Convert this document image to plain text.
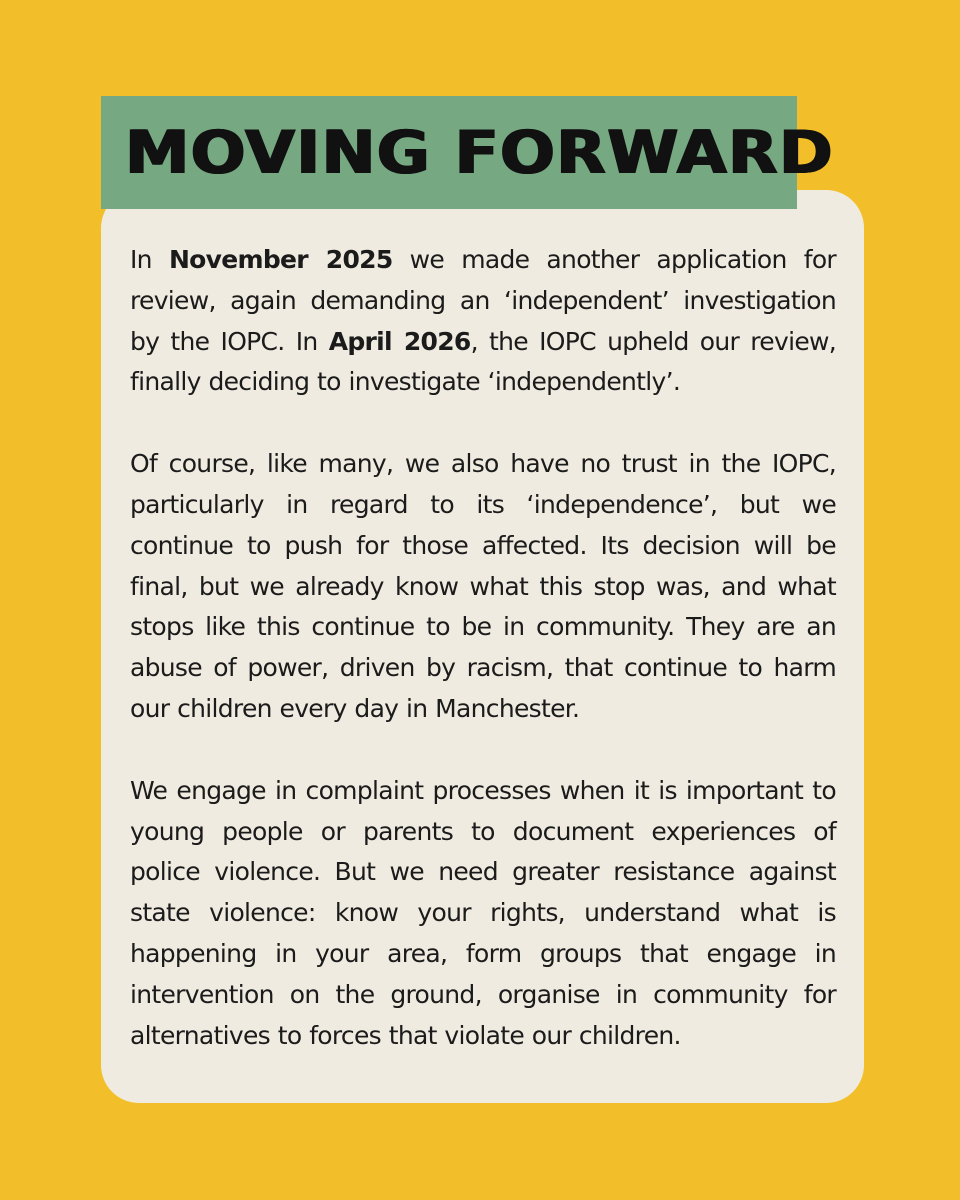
MOVING FORWARD

In November 2025 we made another application for review, again demanding an ‘independent’ investigation by the IOPC. In April 2026, the IOPC upheld our review, finally deciding to investigate ‘independently’.

Of course, like many, we also have no trust in the IOPC, particularly in regard to its ‘independence’, but we continue to push for those affected. Its decision will be final, but we already know what this stop was, and what stops like this continue to be in community. They are an abuse of power, driven by racism, that continue to harm our children every day in Manchester.

We engage in complaint processes when it is important to young people or parents to document experiences of police violence. But we need greater resistance against state violence: know your rights, understand what is happening in your area, form groups that engage in intervention on the ground, organise in community for alternatives to forces that violate our children.
